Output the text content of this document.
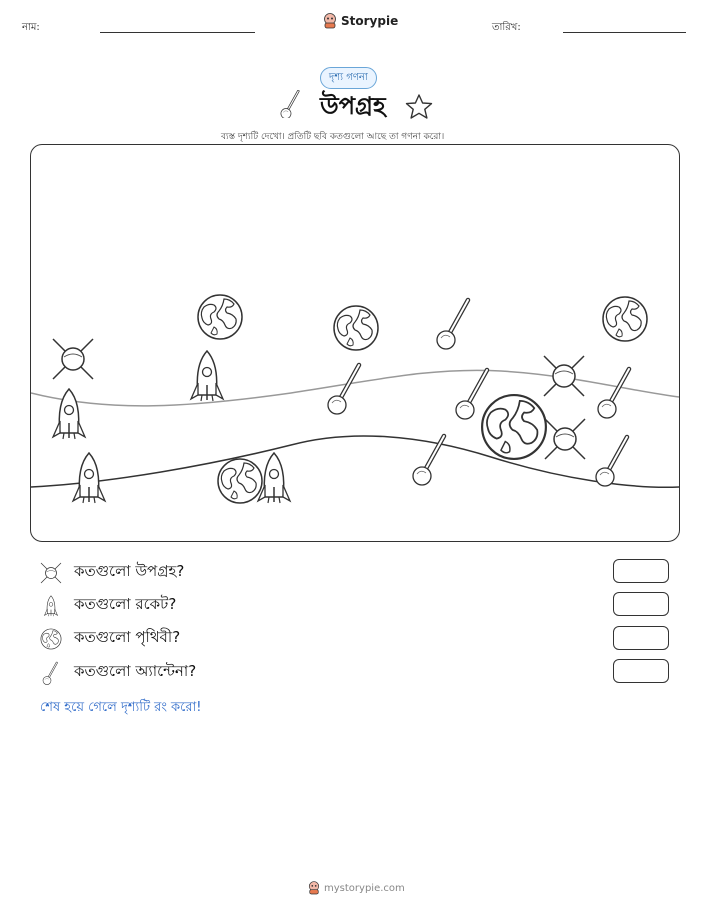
নাম:	Storypie	তারিখ:
দৃশ্য গণনা
উপগ্রহ
ব্যস্ত দৃশ্যটি দেখো। প্রতিটি ছবি কতগুলো আছে তা গণনা করো।
কতগুলো উপগ্রহ?
কতগুলো রকেট?
কতগুলো পৃথিবী?
কতগুলো অ্যান্টেনা?
শেষ হয়ে গেলে দৃশ্যটি রং করো!
mystorypie.com
